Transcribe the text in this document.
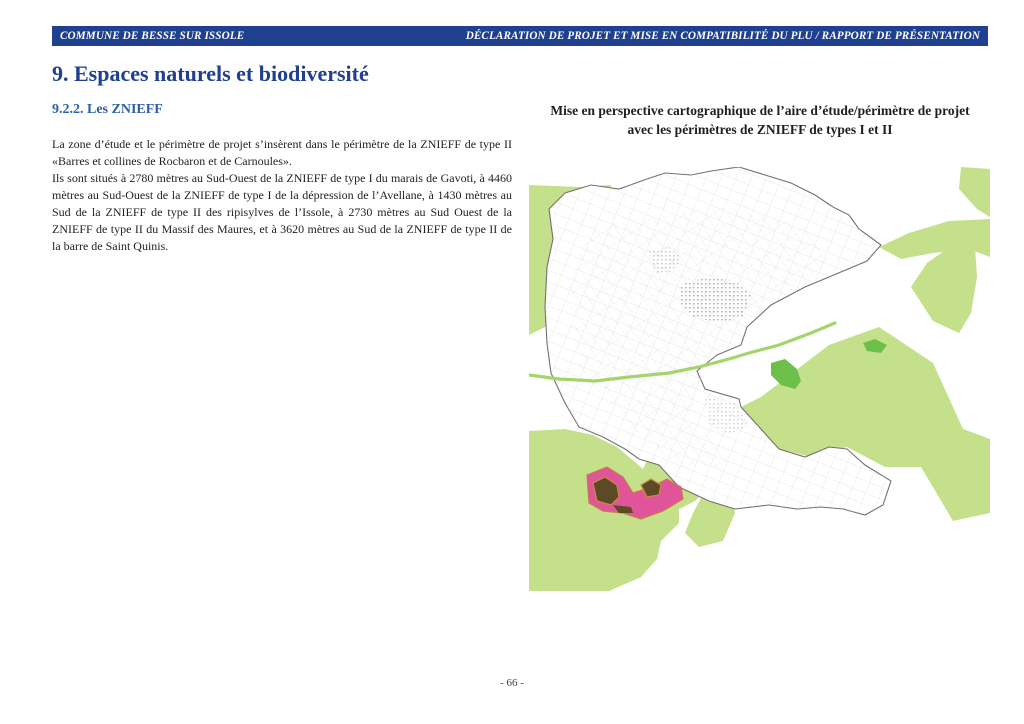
COMMUNE DE BESSE SUR ISSOLE	DÉCLARATION DE PROJET ET MISE EN COMPATIBILITÉ DU PLU / RAPPORT DE PRÉSENTATION
9. Espaces naturels et biodiversité
9.2.2. Les ZNIEFF

La zone d’étude et le périmètre de projet s’insèrent dans le périmètre de la ZNIEFF de type II «Barres et collines de Rocbaron et de Carnoules».

Ils sont situés à 2780 mètres au Sud-Ouest de la ZNIEFF de type I du marais de Gavoti, à 4460 mètres au Sud-Ouest de la ZNIEFF de type I de la dépression de l’Avellane, à 1430 mètres au Sud de la ZNIEFF de type II des ripisylves de l’Issole, à 2730 mètres au Sud Ouest de la ZNIEFF de type II du Massif des Maures, et à 3620 mètres au Sud de la ZNIEFF de type II de la barre de Saint Quinis.

Mise en perspective cartographique de l’aire d’étude/périmètre de projet
avec les périmètres de ZNIEFF de types I et II
- 66 -
